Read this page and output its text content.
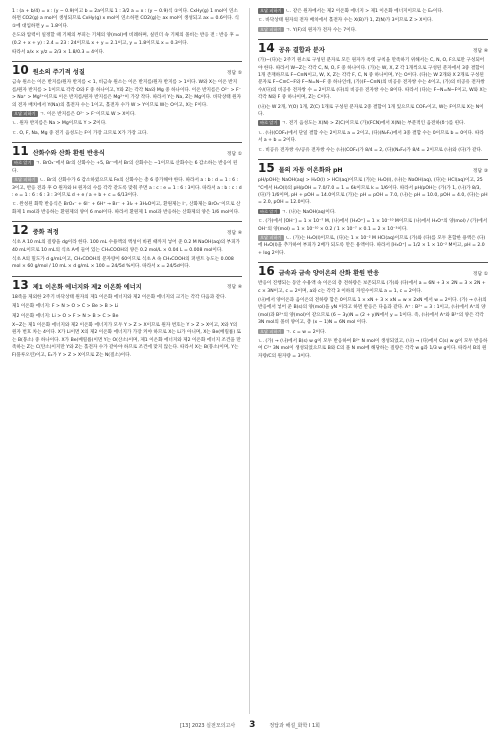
1 : (a + b/4) = x : (y − 0.9)이고 b = 2a이므로 1 : 3/2 a = x : (y − 0.9)식 ①이다. CxHy(g) 1 mol이 연소하면 CO2(g) a mol이 생성되므로 CxHy(g) x mol이 연소하면 CO2(g)는 ax mol이 생성되고 ax = 0.6이다. 식 ①에 대입하면 y = 1.8이다.

온도와 압력이 일정할 때 기체의 부피는 기체의 양(mol)에 비례하며, 실린더 속 기체의 몰비는 반응 전 : 반응 후 = (0.2 + x + y) : 2.4 = 23 : 24이므로 x + y = 2.1이고, y = 1.8이므로 x = 0.3이다.

따라서 a/x × y/z = 2/3 × 1.8/0.3 = 4이다.

10 원소의 주기적 성질	정답 ⑤

금속 원소는 이온 반지름/원자 반지름 < 1, 비금속 원소는 이온 반지름/원자 반지름 > 1이다. W와 X는 이온 반지름/원자 반지름 > 1이므로 각각 O와 F 중 하나이고, Y와 Z는 각각 Na와 Mg 중 하나이다. 이온 반지름은 O²⁻ > F⁻ > Na⁺ > Mg²⁺이므로 이온 반지름/원자 반지름은 Mg²⁺이 가장 작다. 따라서 Y는 Na, Z는 Mg이다. 바닥상태 원자의 전자 배치에서 Y(Na)의 홀전자 수는 1이고, 홀전자 수가 W > Y이므로 W는 O이고, X는 F이다.

오답 피하기 ㄱ. 이온 반지름은 O²⁻ > F⁻이므로 W > X이다.

ㄴ. 원자 반지름은 Na > Mg이므로 Y > Z이다.

ㄷ. O, F, Na, Mg 중 전기 음성도는 F이 가장 크므로 X가 가장 크다.

11 산화수와 산화 환원 반응식	정답 ①

바로 알기 ㄱ. BrO₃⁻에서 Br의 산화수는 +5, Br⁻에서 Br의 산화수는 −1이므로 산화수는 6 감소하는 반응이 된다.

오답 피하기 ㄴ. Br의 산화수가 6 감소하였으므로 Fe의 산화수는 총 6 증가해야 한다. 따라서 a : b : d = 1 : 6 : 3이고, 반응 전과 후 O 원자와 H 원자의 수를 각각 같도록 맞춰 주면 a : c : e = 1 : 6 : 3이다. 따라서 a : b : c : d : e = 1 : 6 : 6 : 3 : 3이므로 d + e / a + b + c = 6/13이다.

ㄷ. 완성된 화학 반응식은 BrO₃⁻ + 6I⁻ + 6H⁺ → Br⁻ + 3I₂ + 3H₂O이고, 환원제는 I⁻, 산화제는 BrO₃⁻이므로 산화제 1 mol과 반응하는 환원제의 양이 6 mol이다. 따라서 환원제 1 mol과 반응하는 산화제의 양은 1/6 mol이다.

12 중화 적정	정답 ④

식초 A 10 mL의 질량을 dg이라 한다. 100 mL 수용액의 액성이 바뀐 때까지 넣어 준 0.2 M NaOH(aq)의 부피가 40 mL이므로 10 mL의 식초 A에 들어 있는 CH₃COOH의 양은 0.2 mol/L × 0.04 L = 0.008 mol이다.

식초 A의 밀도가 d g/mL이고, CH₃COOH의 분자량이 60이므로 식초 A 속 CH₃COOH의 퍼센트 농도는 0.008 mol × 60 g/mol / 10 mL × d g/mL × 100 = 24/5d %이다. 따라서 x = 24/5d이다.

13 제1 이온화 에너지와 제2 이온화 에너지	정답 ④

18족을 제외한 2주기 바닥상태 원자의 제1 이온화 에너지와 제2 이온화 에너지의 크기는 각각 다음과 같다.

제1 이온화 에너지: F > N > O > C > Be > B > Li

제2 이온화 에너지: Li > O > F > N > B > C > Be

X∼Z는 제1 이온화 에너지와 제2 이온화 에너지가 모두 Y > Z > X이므로 원자 번호는 Y > Z > X이고, X와 Y의 원자 번호 차는 4이다. X가 Li이면 X의 제2 이온화 에너지가 가장 커야 하므로 X는 Li가 아니며, X는 Be(베릴륨) 또는 B(붕소) 중 하나이다. X가 Be(베릴륨)이면 Y는 O(산소)이며, 제1 이온화 에너지와 제2 이온화 에너지 조건을 만족하는 Z는 C(탄소)이지만 Y와 Z는 홀전자 수가 같아야 하므로 조건에 맞지 않는다. 따라서 X는 B(붕소)이며, Y는 F(플루오린)이고, E₂가 Y > Z > X이므로 Z는 N(질소)이다.

오답 피하기 ㄴ. 같은 원자에서는 제2 이온화 에너지 > 제1 이온화 에너지이므로 는 E₂이다.

ㄷ. 바닥상태 원자의 전자 배치에서 홀전자 수는 X(B)가 1, Z(N)가 3이므로 Z > X이다.

오답 피하기 ㄱ. Y(F)의 원자가 전자 수는 7이다.

14 공유 결합과 분자	정답 ④

(가)∼(다)는 2주기 원소로 구성된 분자로 모든 원자가 옥텟 규칙을 만족하기 위해서는 C, N, O, F으로만 구성되어야 한다. 따라서 W∼Z는 각각 C, N, O, F 중 하나이다. (가)는 W, X, Z 각 1개씩으로 구성된 분자에서 3중 결합이 1개 존재하므로 F−C≡N이고, W, X, Z는 각각 F, C, N 중 하나이며, Y는 O이다. (다)는 W 2개와 X 2개로 구성된 분자로 F−C≡C−F와 F−N=N−F 중 하나인데, (가)(F−C≡N)의 비공유 전자쌍 수는 4이고, (가)의 비공유 전자쌍 수/(다)의 비공유 전자쌍 수 = 2이므로 (다)의 비공유 전자쌍 수는 8이다. 따라서 (다)는 F−N=N−F이고, W와 X는 각각 N와 F 중 하나이며, Z는 C이다.

(나)는 W 2개, Y(O) 1개, Z(C) 1개로 구성된 분자로 2중 결합이 1개 있으므로 COF₂이고, W는 F이므로 X는 N이다.

바로 알기 ㄱ. 전기 음성도는 X(N) > Z(C)이므로 (가)(FCN)에서 X(N)는 부분적인 음전하(δ⁻)를 띤다.

ㄴ. (나)(COF₂)에서 단일 결합 수는 2이므로 a = 2이고, (다)(N₂F₂)에서 3중 결합 수는 0이므로 b = 0이다. 따라서 a + b = 2이다.

ㄷ. 비공유 전자쌍 수/공유 전자쌍 수는 (나)(COF₂)가 8/4 = 2, (다)(N₂F₂)가 8/4 = 2이므로 (나)와 (다)가 같다.

15 물의 자동 이온화와 pH	정답 ③

pH/pOH는 NaOH(aq) > H₂O(l) > HCl(aq)이므로 (가)는 H₂O(l), (나)는 NaOH(aq), (다)는 HCl(aq)이고, 25 °C에서 H₂O(l)의 pH/pOH = 7.0/7.0 = 1 = 6k이므로 k = 1/6이다. 따라서 pH/pOH는 (가)가 1, (나)가 8/3, (다)가 1/6이며, pH + pOH = 14.0이므로 (가)는 pH = pOH = 7.0, (나)는 pH = 10.0, pOH = 4.0, (다)는 pH = 2.0, pOH = 12.0이다.

바로 알기 ㄱ. (나)는 NaOH(aq)이다.

ㄷ. (가)에서 [OH⁻] = 1 × 10⁻⁷ M, (나)에서 [H₃O⁺] = 1 × 10⁻¹⁰ M이므로 (나)에서 H₃O⁺의 양(mol) / (가)에서 OH⁻의 양(mol) = 1 × 10⁻¹⁰ × 0.2 / 1 × 10⁻⁷ × 0.1 = 2 × 10⁻³이다.

오답 피하기 ㄴ. (가)는 H₂O(l)이므로, (다)는 1 × 10⁻² M HCl(aq)이므로 (가)와 (다)를 모두 혼합한 용액은 (다)에 H₂O(l)을 추가하여 부피가 2배가 되도록 만든 용액이다. 따라서 [H₃O⁺] = 1/2 × 1 × 10⁻² M이고, pH = 2.0 + log 2이다.

16 금속과 금속 양이온의 산화 환원 반응	정답 ①

반응이 진행되는 동안 수용액 속 이온의 총 전하량은 보존되므로 (가)와 (다)에서 a = 6N + 3 × 2N = 3 × 2N + c × 3N이고, c = 2이며, a와 c는 각각 3 이하의 자연수이므로 a = 1, c = 2이다.

(나)에서 양이온과 음이온의 전하량 합은 0이므로 1 × xN + 3 × xN = w × 2xN 에서 w = 2이다. (가) → (나)의 반응에서 넣어 준 B(s)의 양(mol)을 yN 이라고 하면 반응은 다음과 같다. A⁺ : B²⁺ = 3 : 1이고, (나)에서 A⁺의 양(mol)과 B²⁺의 양(mol)이 같으므로 (6 − 3y)N = (2 + y)N에서 y = 1이다. 즉, (나)에서 A⁺와 B²⁺의 양은 각각 3N mol의 몰비 양이고, 총 (x − 1)N = 6N mol 이다.

오답 피하기 ㄱ. c = w = 2이다.

ㄴ. (가) → (나)에서 B(s) w g이 모두 반응하여 B²⁺ N mol이 생성되었고, (나) → (다)에서 C(s) w g이 모두 반응하여 C²⁺ 3N mol이 생성되었으므로 B와 C의 몰 N mol에 해당하는 질량은 각각 w g과 1/3 w g이다. 따라서 B의 원자량/C의 원자량 = 3이다.

[13] 2023 실전모의고사 3	정답과 해설_화학 Ⅰ 1회
